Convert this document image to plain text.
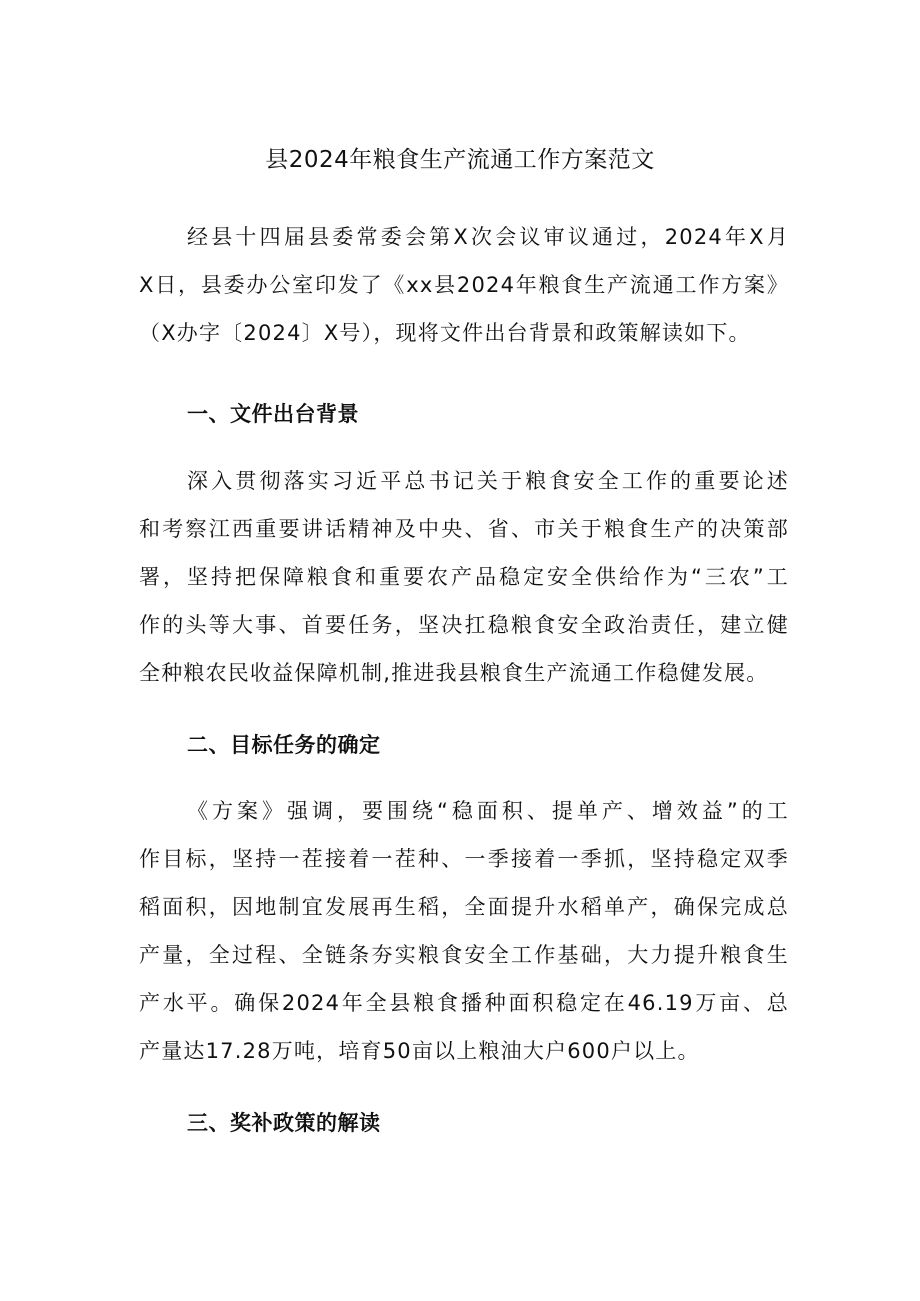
县2024年粮食生产流通工作方案范文
经县十四届县委常委会第X次会议审议通过，2024年X月
X日，县委办公室印发了《xx县2024年粮食生产流通工作方案》
（X办字〔2024〕X号），现将文件出台背景和政策解读如下。
一、文件出台背景
深入贯彻落实习近平总书记关于粮食安全工作的重要论述
和考察江西重要讲话精神及中央、省、市关于粮食生产的决策部
署，坚持把保障粮食和重要农产品稳定安全供给作为“三农”工
作的头等大事、首要任务，坚决扛稳粮食安全政治责任，建立健
全种粮农民收益保障机制,推进我县粮食生产流通工作稳健发展。
二、目标任务的确定
《方案》强调，要围绕“稳面积、提单产、增效益”的工
作目标，坚持一茬接着一茬种、一季接着一季抓，坚持稳定双季
稻面积，因地制宜发展再生稻，全面提升水稻单产，确保完成总
产量，全过程、全链条夯实粮食安全工作基础，大力提升粮食生
产水平。确保2024年全县粮食播种面积稳定在46.19万亩、总
产量达17.28万吨，培育50亩以上粮油大户600户以上。
三、奖补政策的解读
